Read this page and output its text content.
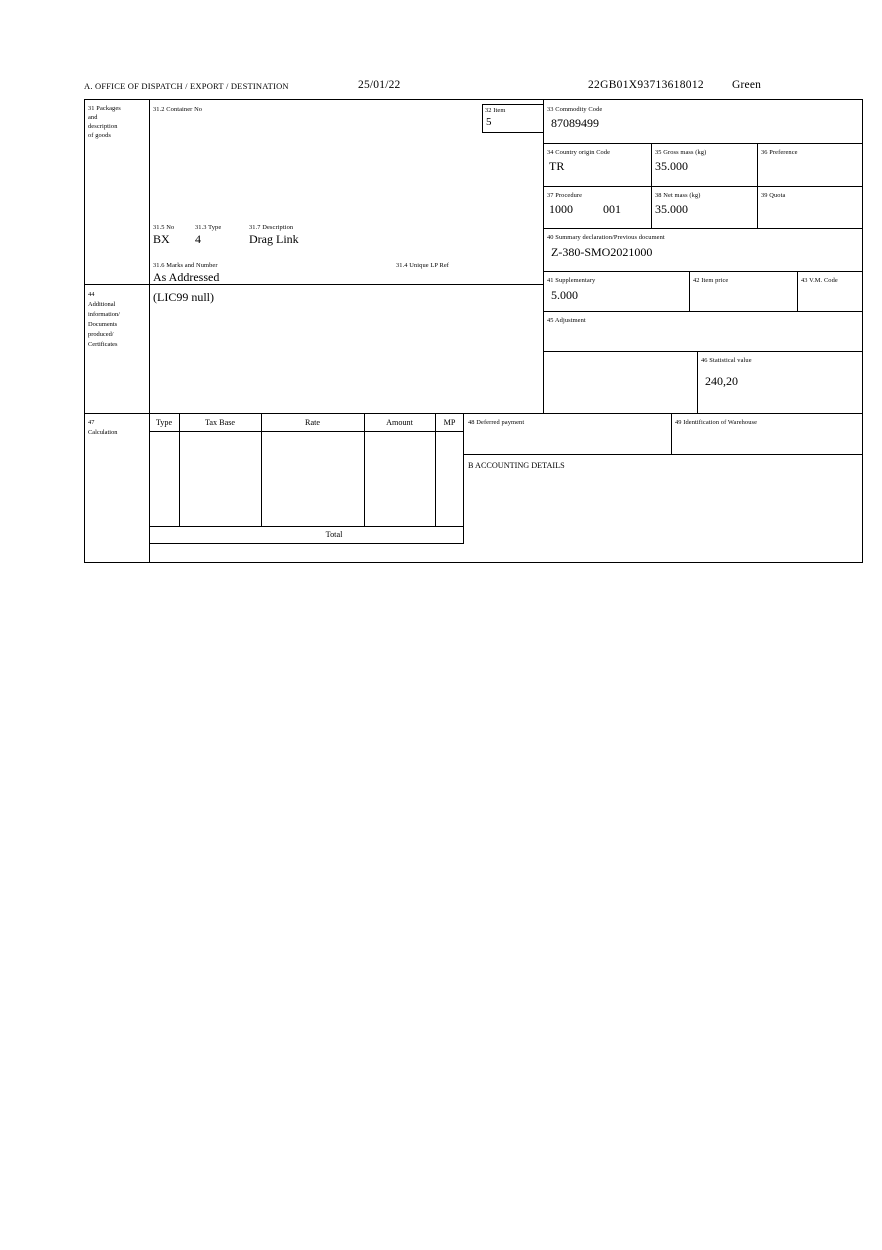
A. OFFICE OF DISPATCH / EXPORT / DESTINATION	25/01/22	22GB01X93713618012 Green
31 Packages
and
description
of goods
31.2 Container No
31.5 No	31.3 Type	31.7 Description
BX 4	Drag Link
31.6 Marks and Number	31.4 Unique LP Ref
As Addressed
32 Item
5
33 Commodity Code
87089499
34 Country origin Code
TR
35 Gross mass (kg)
35.000
36 Preference
37 Procedure
1000	001
38 Net mass (kg)
35.000
39 Quota
40 Summary declaration/Previous document
Z-380-SMO2021000
41 Supplementary
5.000
42 Item price	43 V.M. Code
45 Adjustment
46 Statistical value
240,20
44
Additional
information/
Documents
produced/
Certificates
(LIC99 null)
47
Calculation
Type	Tax Base	Rate	Amount	MP
Total
48 Deferred payment	49 Identification of Warehouse
B ACCOUNTING DETAILS
